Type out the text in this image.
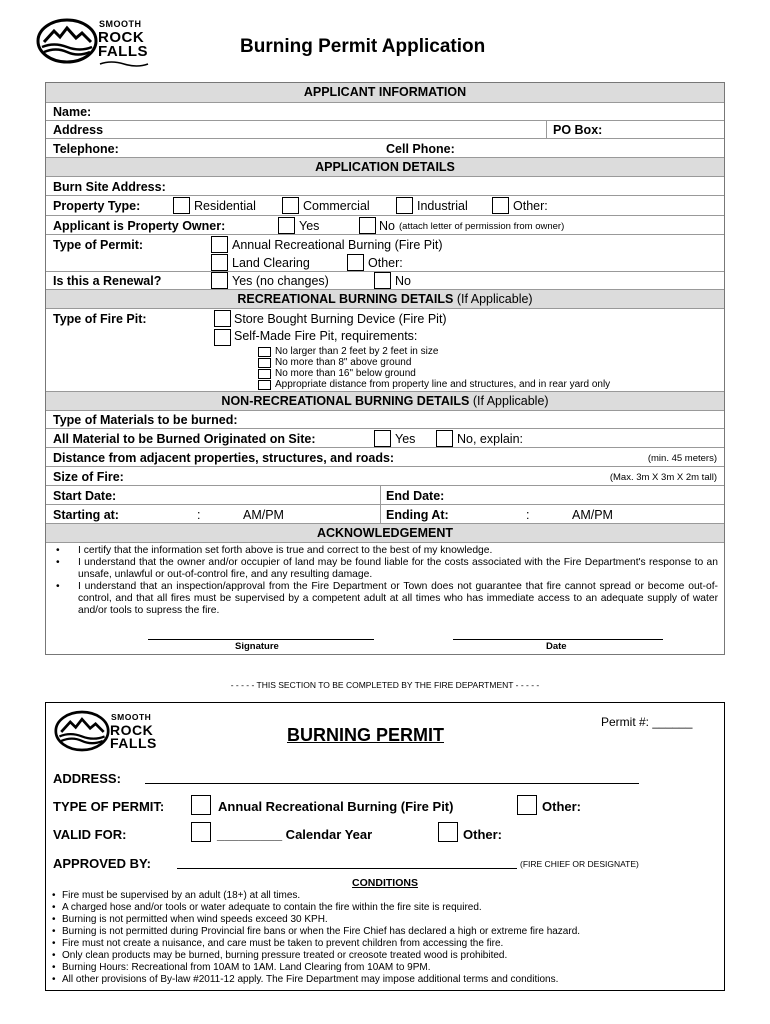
SMOOTH
ROCK
FALLS	Burning Permit Application
APPLICANT INFORMATION
Name:
Address	PO Box:
Telephone:	Cell Phone:
APPLICATION DETAILS
Burn Site Address:
Property Type:	Residential	Commercial	Industrial	Other:
Applicant is Property Owner:	Yes	No (attach letter of permission from owner)
Type of Permit:	Annual Recreational Burning (Fire Pit)
Land Clearing	Other:
Is this a Renewal?	Yes (no changes)	No
RECREATIONAL BURNING DETAILS (If Applicable)
Type of Fire Pit:	Store Bought Burning Device (Fire Pit)
Self-Made Fire Pit, requirements:
No larger than 2 feet by 2 feet in size
No more than 8" above ground
No more than 16" below ground
Appropriate distance from property line and structures, and in rear yard only
NON-RECREATIONAL BURNING DETAILS (If Applicable)
Type of Materials to be burned:
All Material to be Burned Originated on Site:	Yes	No, explain:
Distance from adjacent properties, structures, and roads:	(min. 45 meters)
Size of Fire:	(Max. 3m X 3m X 2m tall)
Start Date:	End Date:
Starting at:	:	AM/PM	Ending At:	:	AM/PM
ACKNOWLEDGEMENT
• I certify that the information set forth above is true and correct to the best of my knowledge.
• I understand that the owner and/or occupier of land may be found liable for the costs associated with the Fire Department's response to an unsafe, unlawful or out-of-control fire, and any resulting damage.
• I understand that an inspection/approval from the Fire Department or Town does not guarantee that fire cannot spread or become out-of-control, and that all fires must be supervised by a competent adult at all times who has immediate access to an adequate supply of water and/or tools to supress the fire.
Signature	Date
- - - - - THIS SECTION TO BE COMPLETED BY THE FIRE DEPARTMENT - - - - -
SMOOTH
ROCK
FALLS	BURNING PERMIT
Permit #: ______
ADDRESS:
TYPE OF PERMIT:	Annual Recreational Burning (Fire Pit)	Other:
VALID FOR:	_________ Calendar Year	Other:
APPROVED BY:	(FIRE CHIEF OR DESIGNATE)
CONDITIONS
• Fire must be supervised by an adult (18+) at all times.
• A charged hose and/or tools or water adequate to contain the fire within the fire site is required.
• Burning is not permitted when wind speeds exceed 30 KPH.
• Burning is not permitted during Provincial fire bans or when the Fire Chief has declared a high or extreme fire hazard.
• Fire must not create a nuisance, and care must be taken to prevent children from accessing the fire.
• Only clean products may be burned, burning pressure treated or creosote treated wood is prohibited.
• Burning Hours: Recreational from 10AM to 1AM. Land Clearing from 10AM to 9PM.
• All other provisions of By-law #2011-12 apply. The Fire Department may impose additional terms and conditions.
